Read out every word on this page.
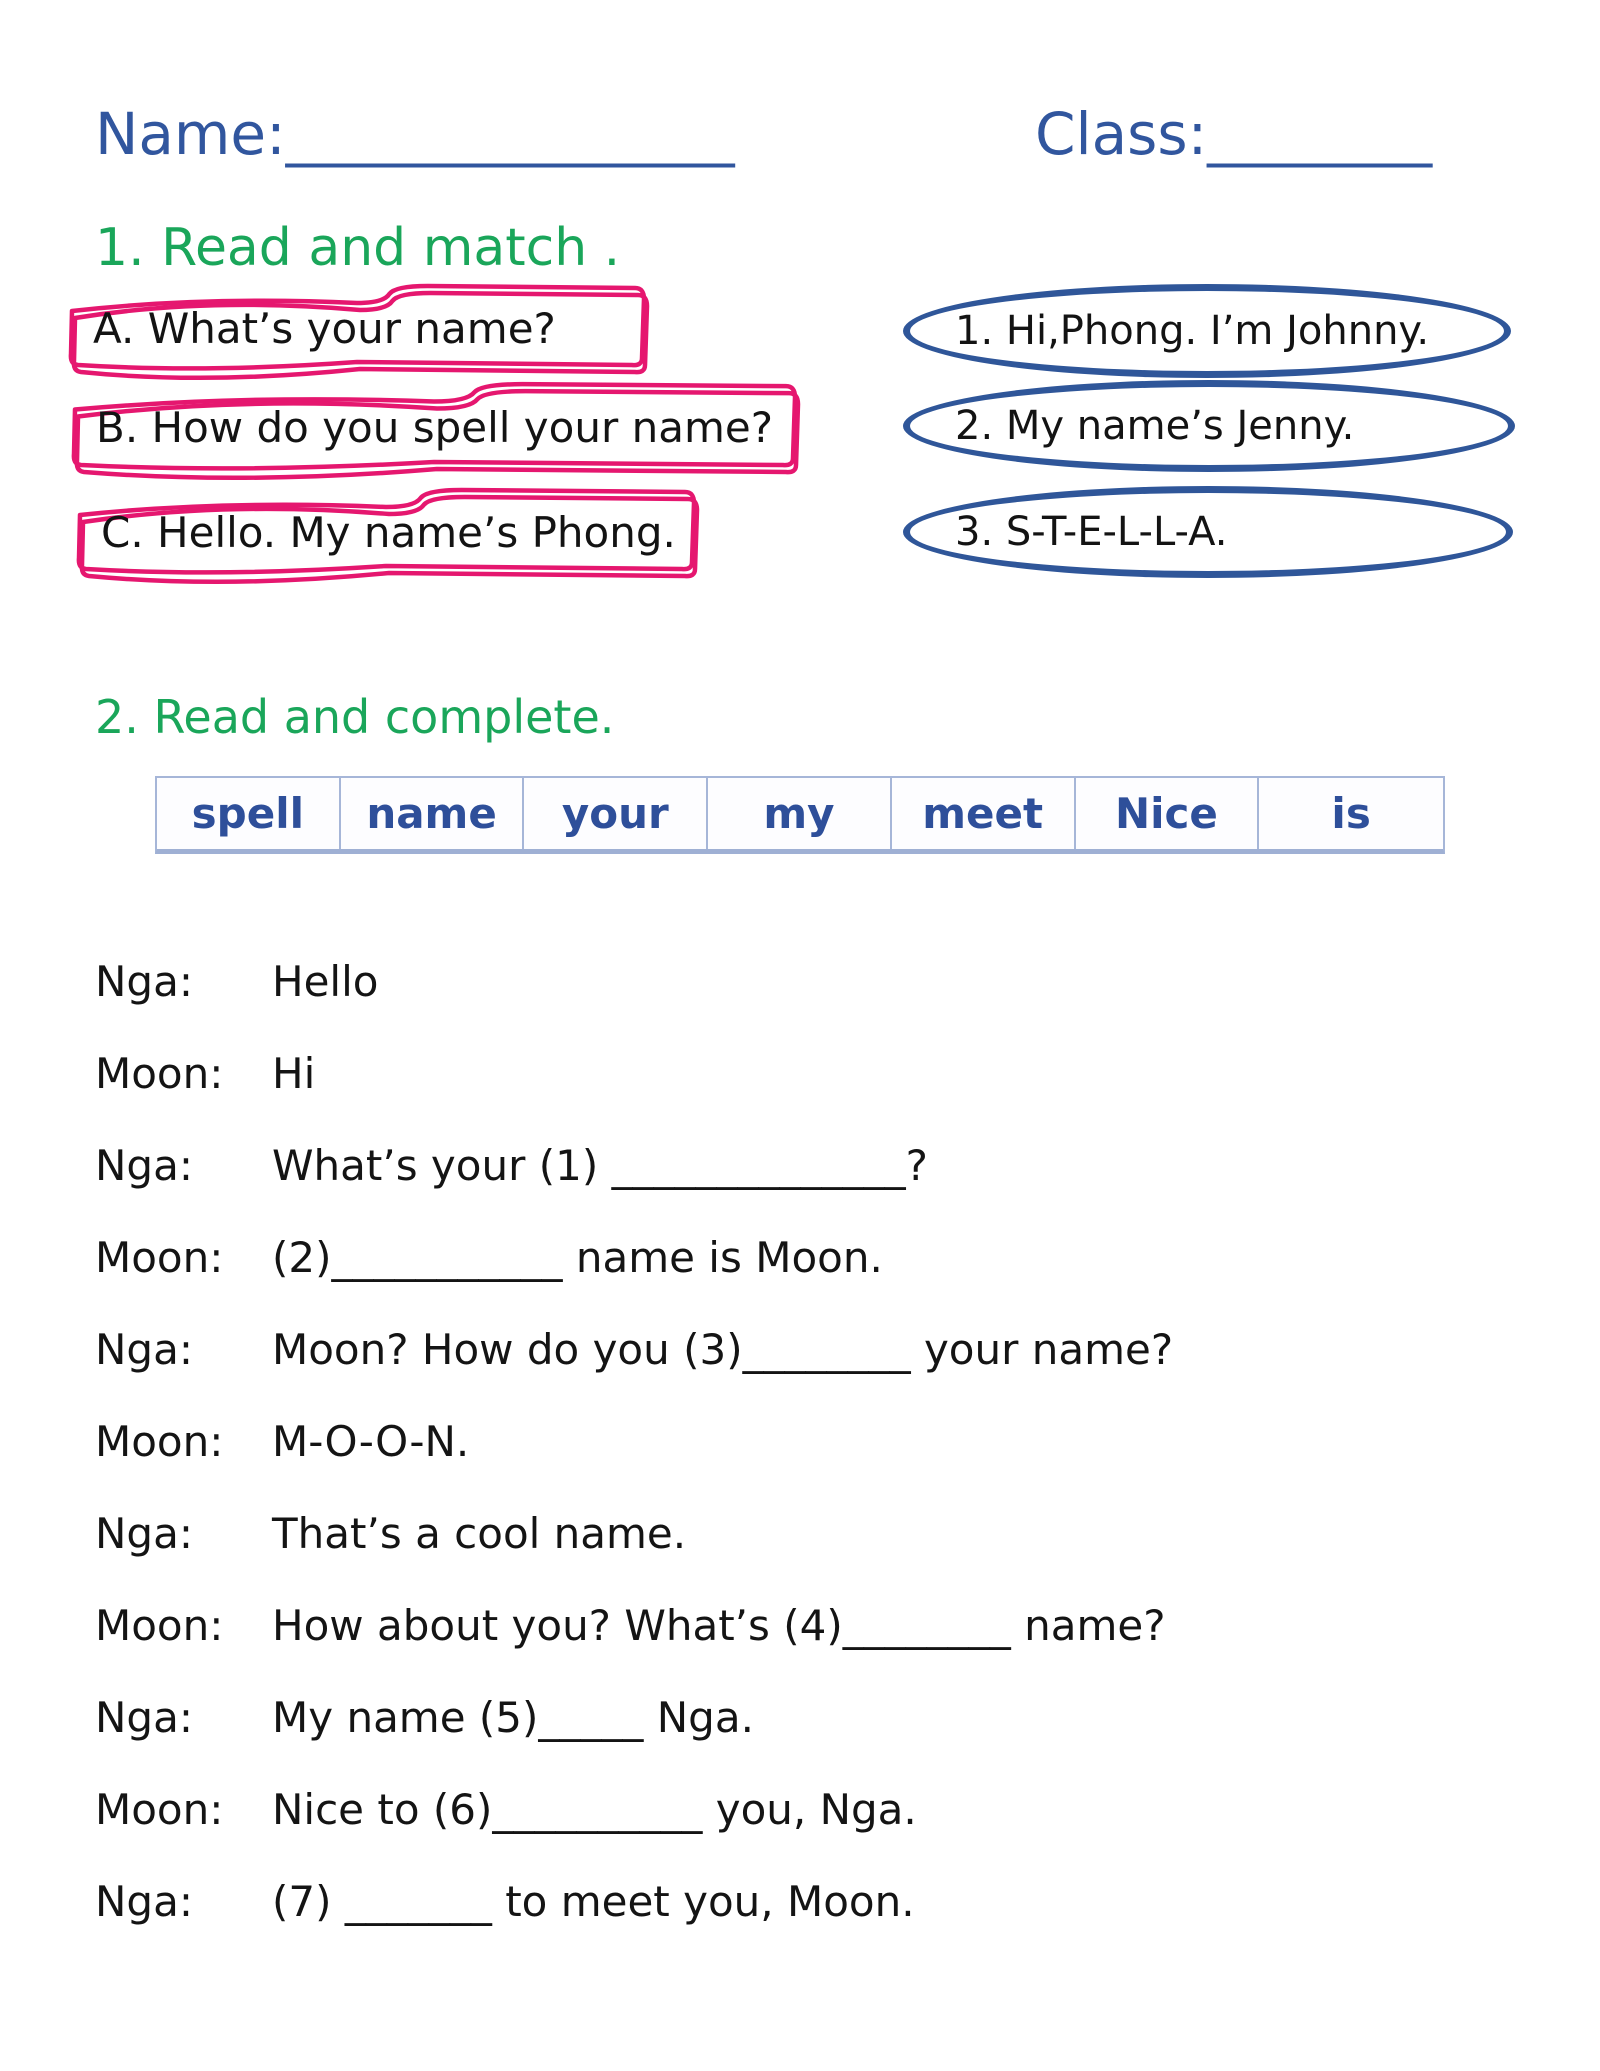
Name:________________	Class:________
1. Read and match .
A. What’s your name?
B. How do you spell your name?
C. Hello. My name’s Phong.
1. Hi,Phong. I’m Johnny.
2. My name’s Jenny.
3. S-T-E-L-L-A.
2. Read and complete.
spell	name	your	my	meet	Nice	is
Nga:	Hello
Moon:	Hi
Nga:	What’s your (1) ______________?
Moon:	(2)___________ name is Moon.
Nga:	Moon? How do you (3)________ your name?
Moon:	M-O-O-N.
Nga:	That’s a cool name.
Moon:	How about you? What’s (4)________ name?
Nga:	My name (5)_____ Nga.
Moon:	Nice to (6)__________ you, Nga.
Nga:	(7) _______ to meet you, Moon.
